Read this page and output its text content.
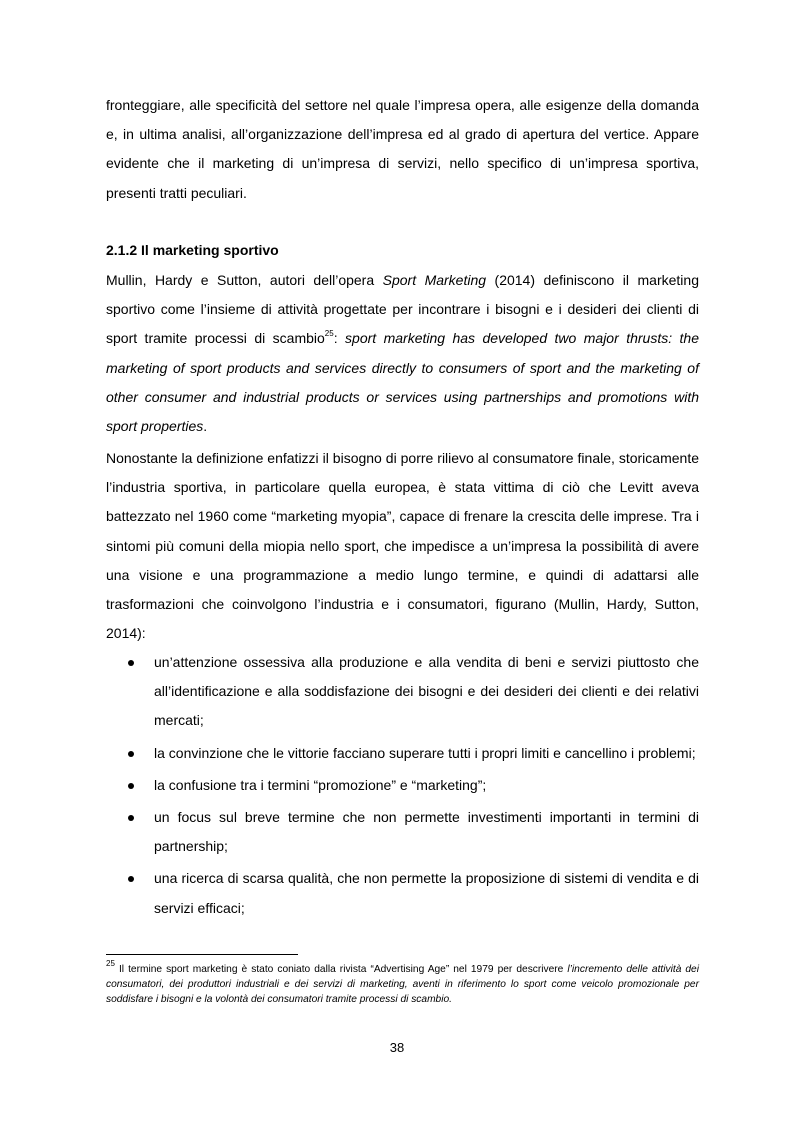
fronteggiare, alle specificità del settore nel quale l’impresa opera, alle esigenze della domanda e, in ultima analisi, all’organizzazione dell’impresa ed al grado di apertura del vertice. Appare evidente che il marketing di un’impresa di servizi, nello specifico di un’impresa sportiva, presenti tratti peculiari.
2.1.2 Il marketing sportivo
Mullin, Hardy e Sutton, autori dell’opera Sport Marketing (2014) definiscono il marketing sportivo come l’insieme di attività progettate per incontrare i bisogni e i desideri dei clienti di sport tramite processi di scambio$^{25}$: sport marketing has developed two major thrusts: the marketing of sport products and services directly to consumers of sport and the marketing of other consumer and industrial products or services using partnerships and promotions with sport properties.
Nonostante la definizione enfatizzi il bisogno di porre rilievo al consumatore finale, storicamente l’industria sportiva, in particolare quella europea, è stata vittima di ciò che Levitt aveva battezzato nel 1960 come “marketing myopia”, capace di frenare la crescita delle imprese. Tra i sintomi più comuni della miopia nello sport, che impedisce a un’impresa la possibilità di avere una visione e una programmazione a medio lungo termine, e quindi di adattarsi alle trasformazioni che coinvolgono l’industria e i consumatori, figurano (Mullin, Hardy, Sutton, 2014):
un’attenzione ossessiva alla produzione e alla vendita di beni e servizi piuttosto che all’identificazione e alla soddisfazione dei bisogni e dei desideri dei clienti e dei relativi mercati;
la convinzione che le vittorie facciano superare tutti i propri limiti e cancellino i problemi;
la confusione tra i termini “promozione” e “marketing”;
un focus sul breve termine che non permette investimenti importanti in termini di partnership;
una ricerca di scarsa qualità, che non permette la proposizione di sistemi di vendita e di servizi efficaci;
$^{25}$ Il termine sport marketing è stato coniato dalla rivista “Advertising Age” nel 1979 per descrivere l’incremento delle attività dei consumatori, dei produttori industriali e dei servizi di marketing, aventi in riferimento lo sport come veicolo promozionale per soddisfare i bisogni e la volontà dei consumatori tramite processi di scambio.
38
